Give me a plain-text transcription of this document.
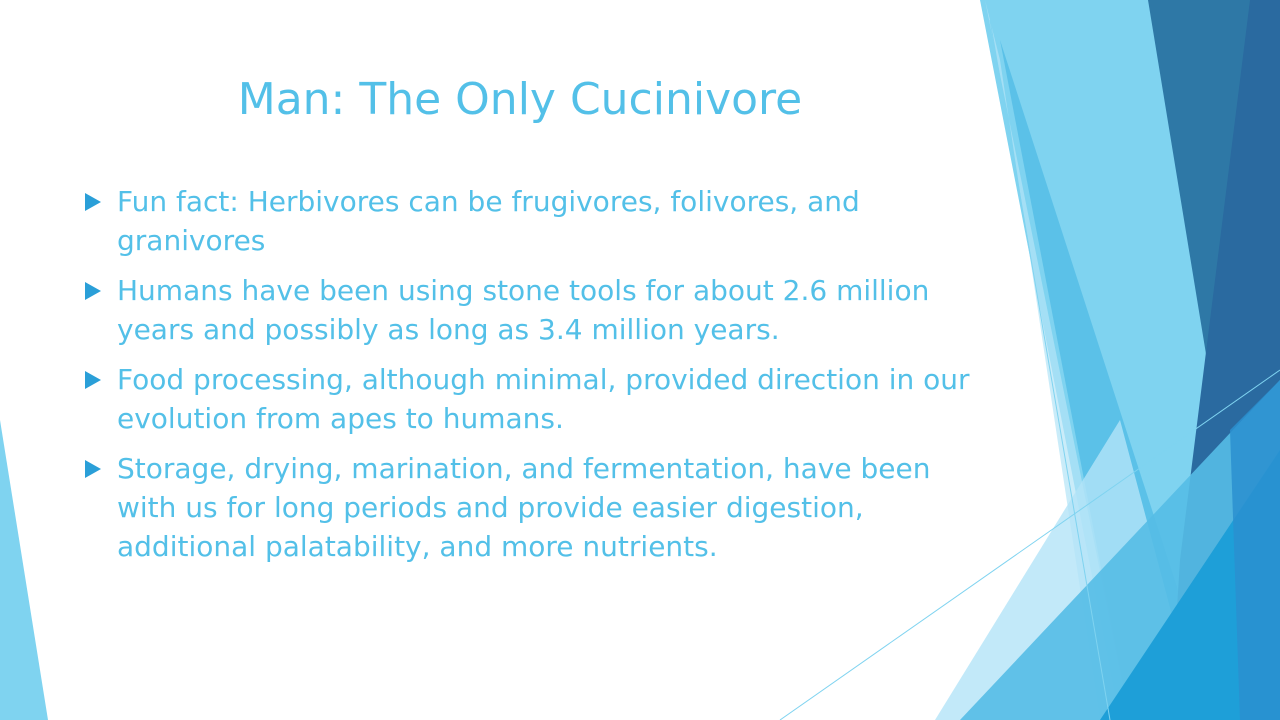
Man: The Only Cucinivore
Fun fact: Herbivores can be frugivores, folivores, and granivores
Humans have been using stone tools for about 2.6 million years and possibly as long as 3.4 million years.
Food processing, although minimal, provided direction in our evolution from apes to humans.
Storage, drying, marination, and fermentation, have been with us for long periods and provide easier digestion, additional palatability, and more nutrients.
